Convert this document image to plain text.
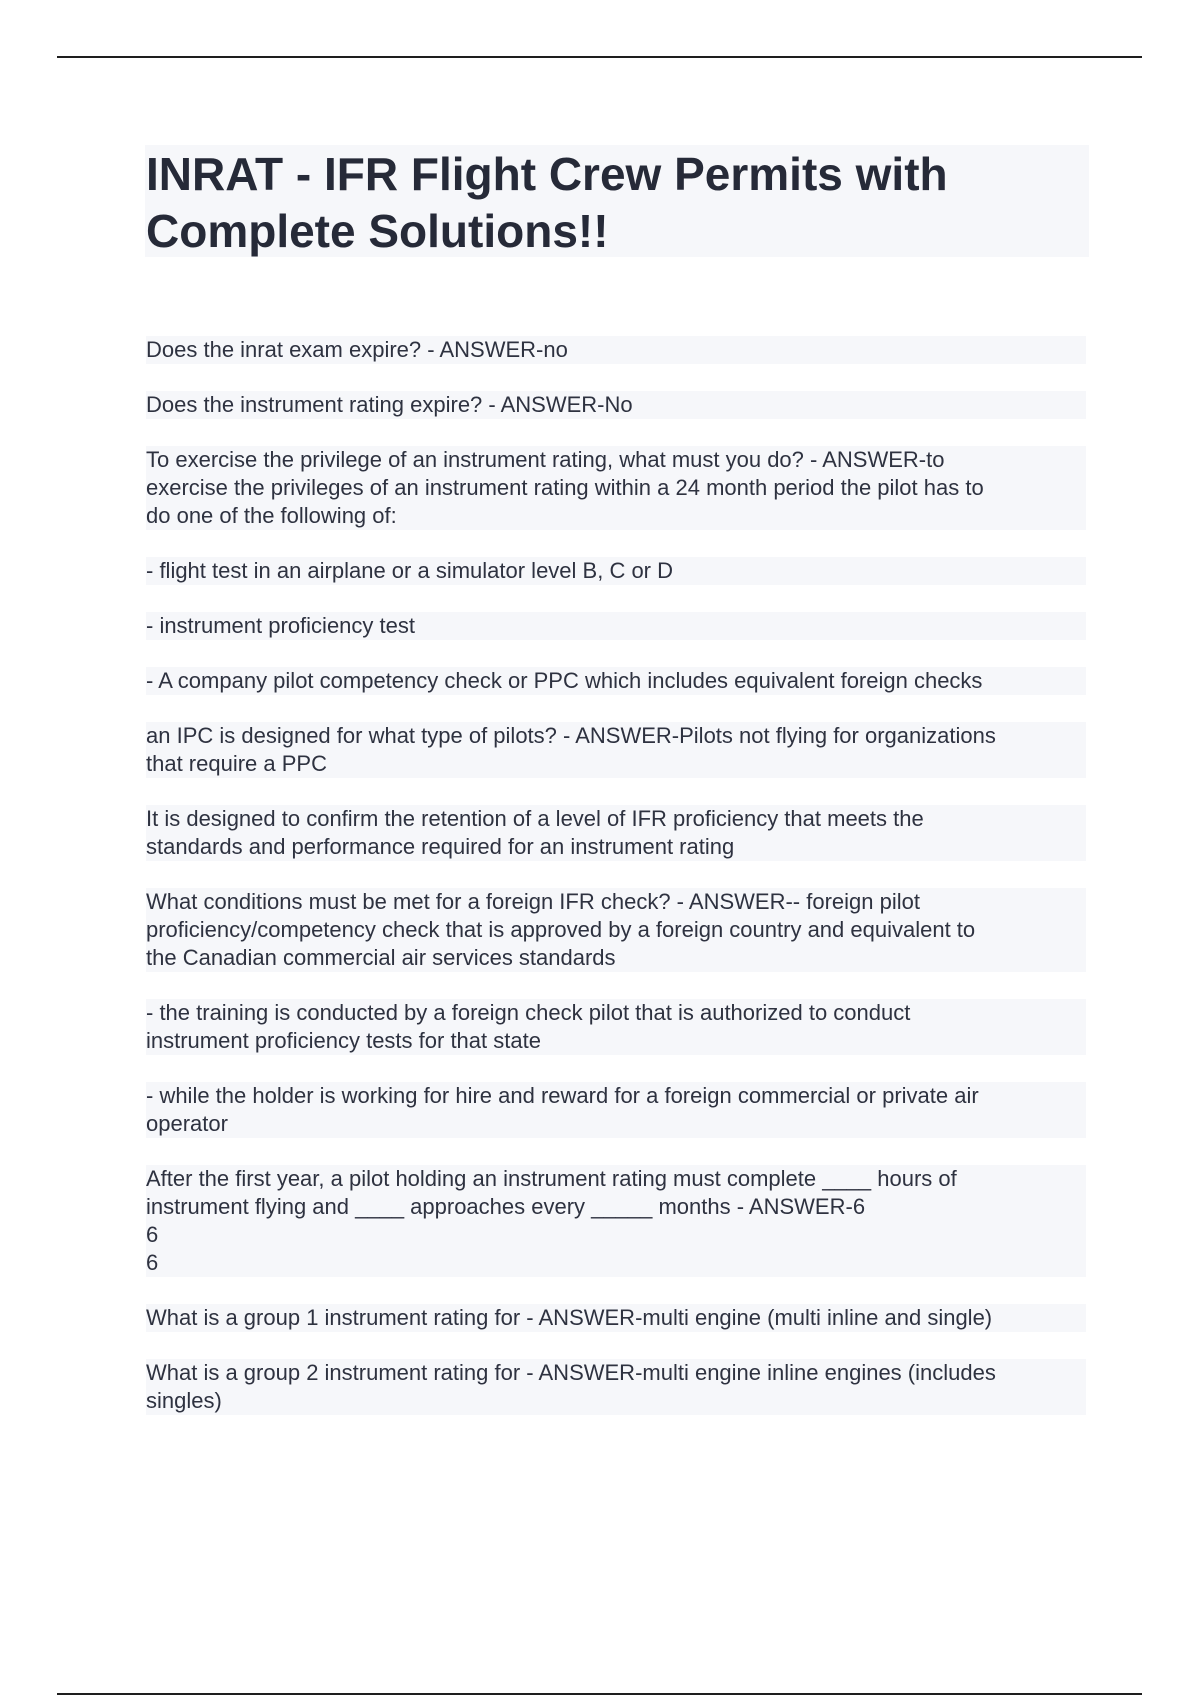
INRAT - IFR Flight Crew Permits with Complete Solutions!!

Does the inrat exam expire? - ANSWER-no

Does the instrument rating expire? - ANSWER-No

To exercise the privilege of an instrument rating, what must you do? - ANSWER-to
exercise the privileges of an instrument rating within a 24 month period the pilot has to
do one of the following of:

- flight test in an airplane or a simulator level B, C or D

- instrument proficiency test

- A company pilot competency check or PPC which includes equivalent foreign checks

an IPC is designed for what type of pilots? - ANSWER-Pilots not flying for organizations
that require a PPC

It is designed to confirm the retention of a level of IFR proficiency that meets the
standards and performance required for an instrument rating

What conditions must be met for a foreign IFR check? - ANSWER-- foreign pilot
proficiency/competency check that is approved by a foreign country and equivalent to
the Canadian commercial air services standards

- the training is conducted by a foreign check pilot that is authorized to conduct
instrument proficiency tests for that state

- while the holder is working for hire and reward for a foreign commercial or private air
operator

After the first year, a pilot holding an instrument rating must complete ____ hours of
instrument flying and ____ approaches every _____ months - ANSWER-6
6
6

What is a group 1 instrument rating for - ANSWER-multi engine (multi inline and single)

What is a group 2 instrument rating for - ANSWER-multi engine inline engines (includes
singles)
